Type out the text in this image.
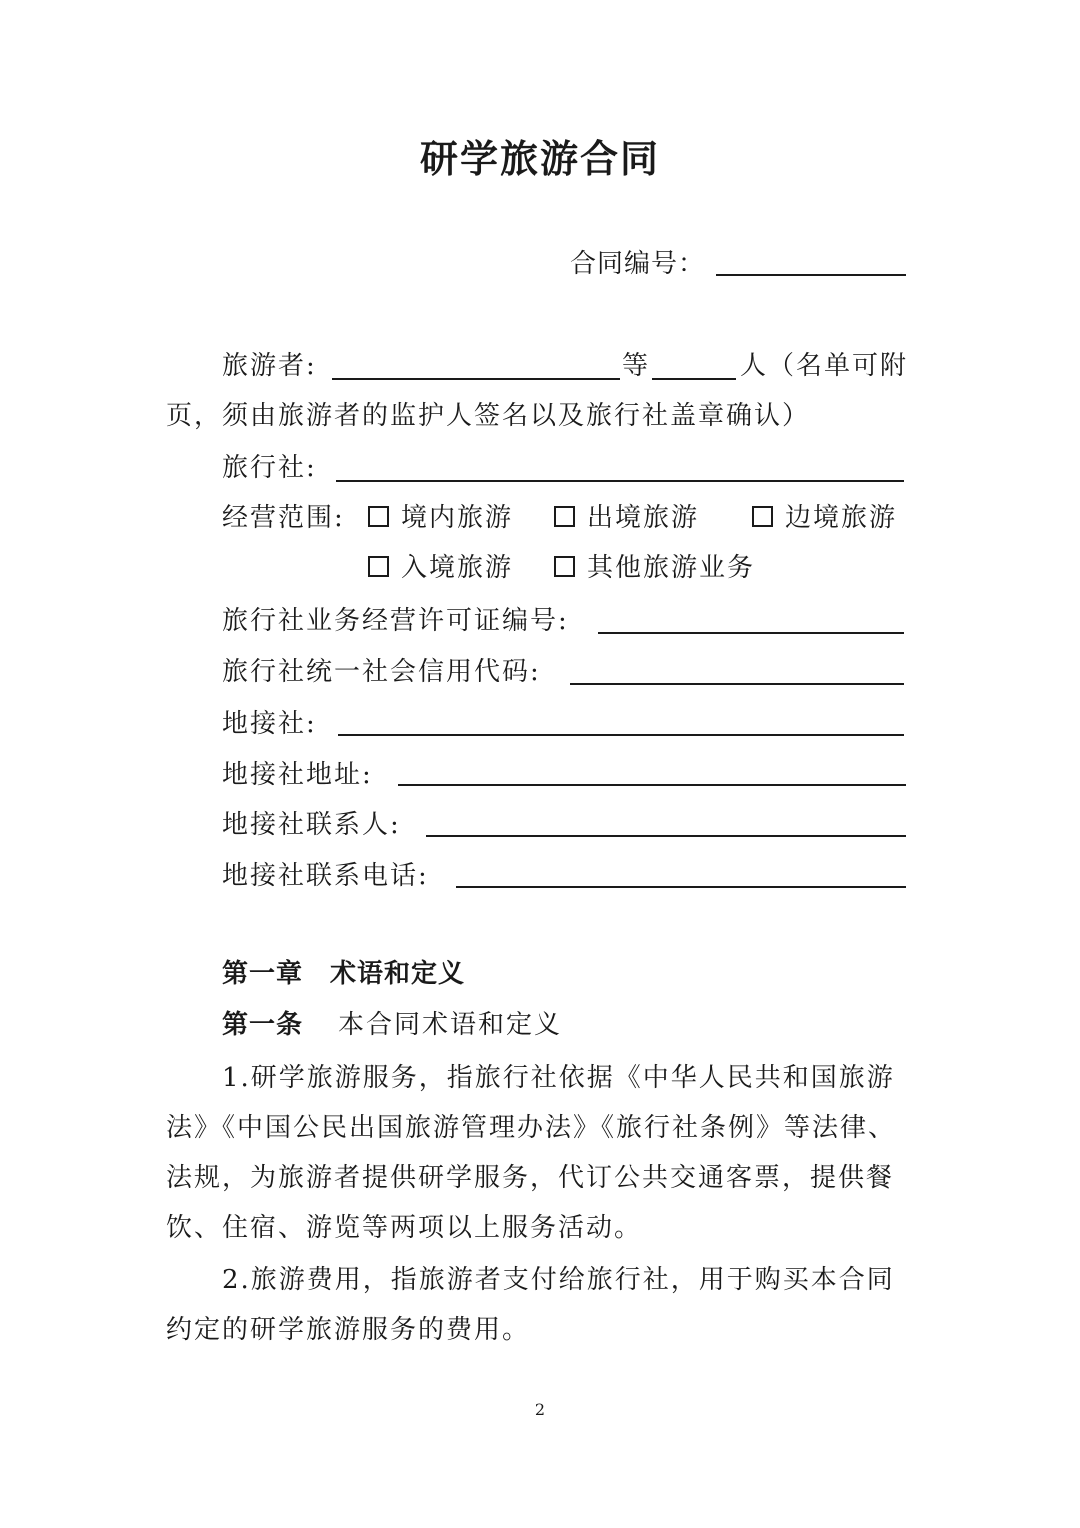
研学旅游合同
合同编号：
旅游者:	等	人（名单可附
页，须由旅游者的监护人签名以及旅行社盖章确认）
旅行社:
经营范围:	境内旅游	出境旅游	边境旅游
入境旅游	其他旅游业务
旅行社业务经营许可证编号:
旅行社统一社会信用代码:
地接社:
地接社地址:
地接社联系人:
地接社联系电话:
第一章　术语和定义
第一条 本合同术语和定义
1.研学旅游服务，指旅行社依据《中华人民共和国旅游
法》《中国公民出国旅游管理办法》《旅行社条例》等法律、
法规，为旅游者提供研学服务，代订公共交通客票，提供餐
饮、住宿、游览等两项以上服务活动。
2.旅游费用，指旅游者支付给旅行社，用于购买本合同
约定的研学旅游服务的费用。
2
